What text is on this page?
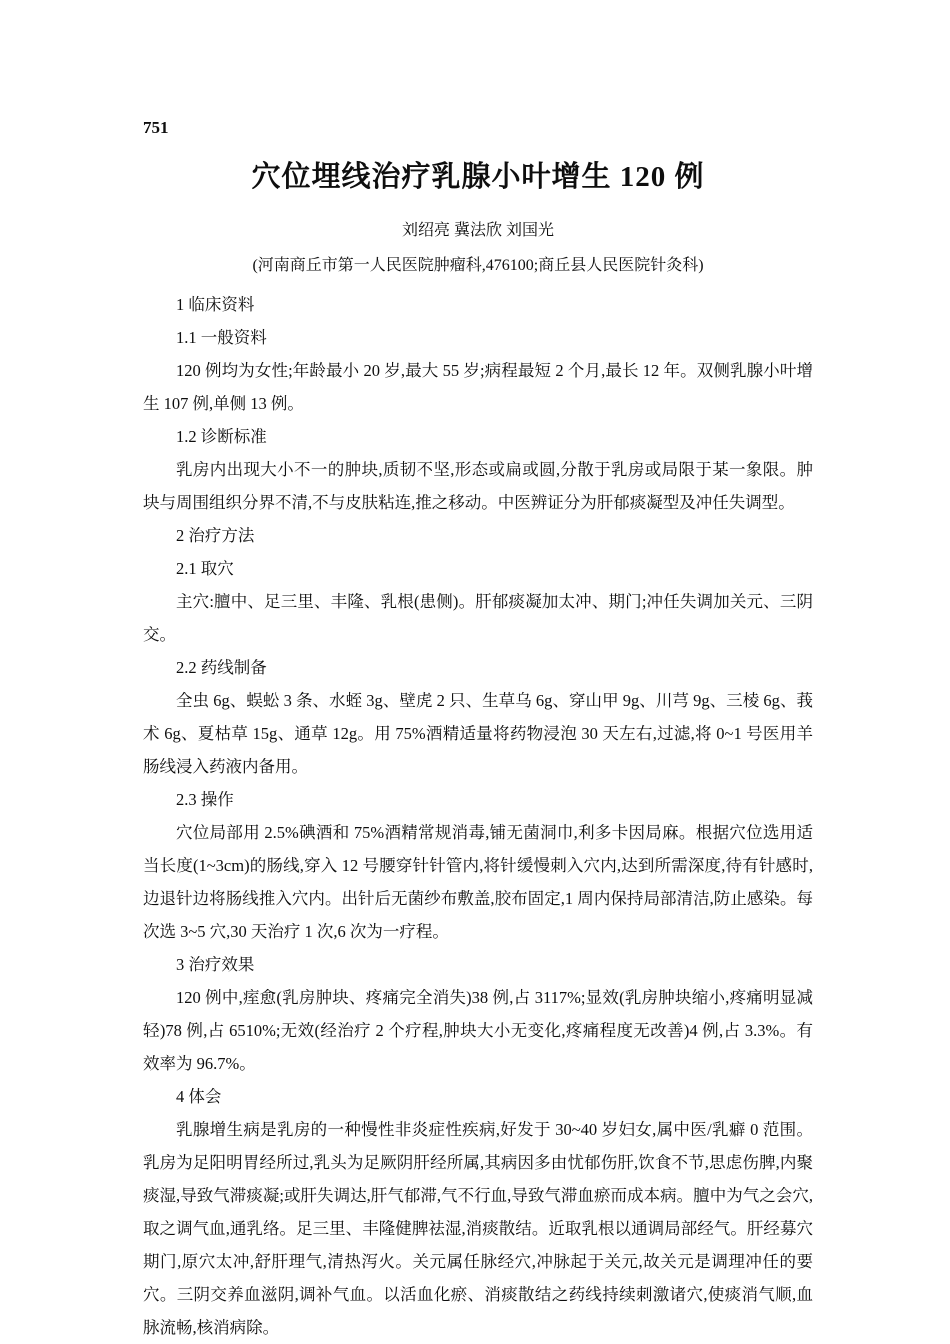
751
穴位埋线治疗乳腺小叶增生 120 例
刘绍亮 冀法欣 刘国光
(河南商丘市第一人民医院肿瘤科,476100;商丘县人民医院针灸科)

1 临床资料

1.1 一般资料

120 例均为女性;年龄最小 20 岁,最大 55 岁;病程最短 2 个月,最长 12 年。双侧乳腺小叶增生 107 例,单侧 13 例。

1.2 诊断标准

乳房内出现大小不一的肿块,质韧不坚,形态或扁或圆,分散于乳房或局限于某一象限。肿块与周围组织分界不清,不与皮肤粘连,推之移动。中医辨证分为肝郁痰凝型及冲任失调型。

2 治疗方法

2.1 取穴

主穴:膻中、足三里、丰隆、乳根(患侧)。肝郁痰凝加太冲、期门;冲任失调加关元、三阴交。

2.2 药线制备

全虫 6g、蜈蚣 3 条、水蛭 3g、壁虎 2 只、生草乌 6g、穿山甲 9g、川芎 9g、三棱 6g、莪术 6g、夏枯草 15g、通草 12g。用 75%酒精适量将药物浸泡 30 天左右,过滤,将 0~1 号医用羊肠线浸入药液内备用。

2.3 操作

穴位局部用 2.5%碘酒和 75%酒精常规消毒,铺无菌洞巾,利多卡因局麻。根据穴位选用适当长度(1~3cm)的肠线,穿入 12 号腰穿针针管内,将针缓慢刺入穴内,达到所需深度,待有针感时,边退针边将肠线推入穴内。出针后无菌纱布敷盖,胶布固定,1 周内保持局部清洁,防止感染。每次选 3~5 穴,30 天治疗 1 次,6 次为一疗程。

3 治疗效果

120 例中,痓愈(乳房肿块、疼痛完全消失)38 例,占 3117%;显效(乳房肿块缩小,疼痛明显减轻)78 例,占 6510%;无效(经治疗 2 个疗程,肿块大小无变化,疼痛程度无改善)4 例,占 3.3%。有效率为 96.7%。

4 体会

乳腺增生病是乳房的一种慢性非炎症性疾病,好发于 30~40 岁妇女,属中医/乳癖 0 范围。乳房为足阳明胃经所过,乳头为足厥阴肝经所属,其病因多由忧郁伤肝,饮食不节,思虑伤脾,内聚痰湿,导致气滞痰凝;或肝失调达,肝气郁滞,气不行血,导致气滞血瘀而成本病。膻中为气之会穴,取之调气血,通乳络。足三里、丰隆健脾祛湿,消痰散结。近取乳根以通调局部经气。肝经募穴期门,原穴太冲,舒肝理气,清热泻火。关元属任脉经穴,冲脉起于关元,故关元是调理冲任的要穴。三阴交养血滋阴,调补气血。以活血化瘀、消痰散结之药线持续刺激诸穴,使痰消气顺,血脉流畅,核消病除。
